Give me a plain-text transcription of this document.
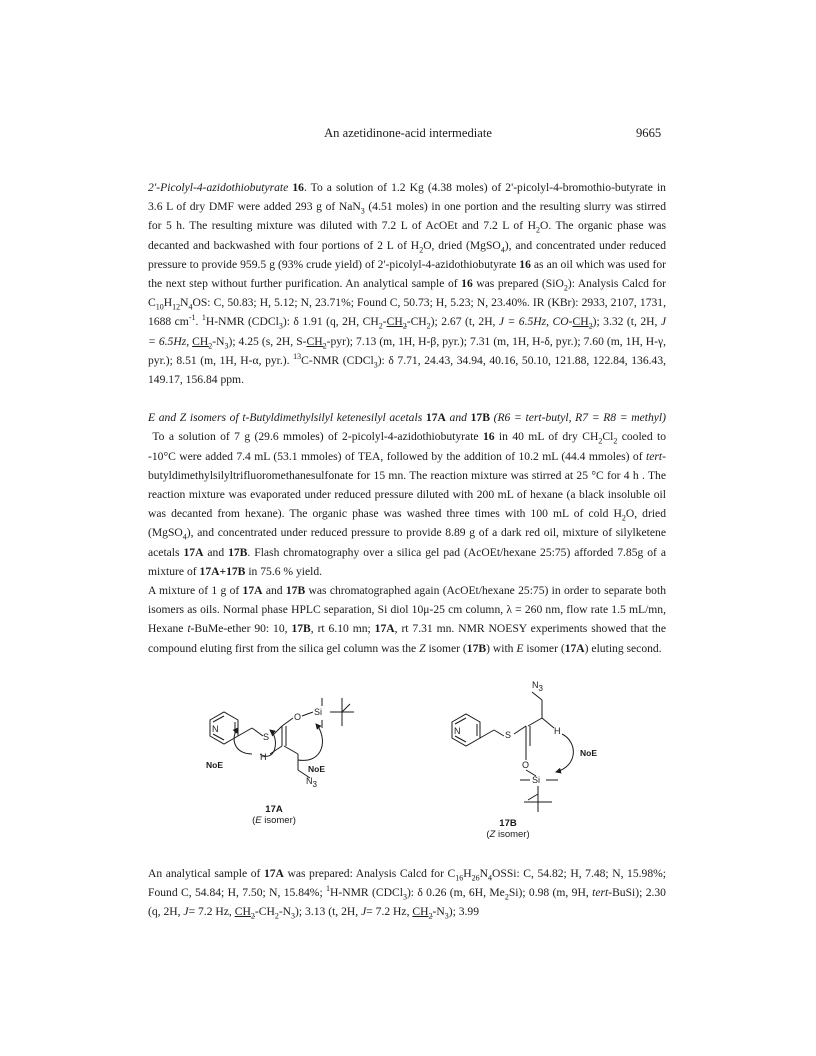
An azetidinone-acid intermediate	9665

2'-Picolyl-4-azidothiobutyrate 16. To a solution of 1.2 Kg (4.38 moles) of 2'-picolyl-4-bromothio-butyrate in 3.6 L of dry DMF were added 293 g of NaN$_3$ (4.51 moles) in one portion and the resulting slurry was stirred for 5 h. The resulting mixture was diluted with 7.2 L of AcOEt and 7.2 L of $H_2O$. The organic phase was decanted and backwashed with four portions of 2 L of $H_2O$, dried (MgSO$_4$), and concentrated under reduced pressure to provide 959.5 g (93% crude yield) of 2'-picolyl-4-azidothiobutyrate 16 as an oil which was used for the next step without further purification. An analytical sample of 16 was prepared (SiO$_2$): Analysis Calcd for $C_{10}H_{12}N_4OS$: C, 50.83; H, 5.12; N, 23.71%; Found C, 50.73; H, 5.23; N, 23.40%. IR (KBr): 2933, 2107, 1731, 1688 $cm^{-1}$. $^1$H-NMR (CDCl$_3$): δ 1.91 (q, 2H, $CH_2-CH_2-CH_2$); 2.67 (t, 2H, J = 6.5Hz, $CO-CH_2$); 3.32 (t, 2H, J = 6.5Hz, $CH_2-N_3$); 4.25 (s, 2H, $S-CH_2-pyr$); 7.13 (m, 1H, H-β, pyr.); 7.31 (m, 1H, H-δ, pyr.); 7.60 (m, 1H, H-γ, pyr.); 8.51 (m, 1H, H-α, pyr.). $^{13}$C-NMR (CDCl$_3$): δ 7.71, 24.43, 34.94, 40.16, 50.10, 121.88, 122.84, 136.43, 149.17, 156.84 ppm.

E and Z isomers of t-Butyldimethylsilyl ketenesilyl acetals 17A and 17B (R6 = tert-butyl, R7 = R8 = methyl)  To a solution of 7 g (29.6 mmoles) of 2-picolyl-4-azidothiobutyrate 16 in 40 mL of dry $CH_2Cl_2$ cooled to -10°C were added 7.4 mL (53.1 mmoles) of TEA, followed by the addition of 10.2 mL (44.4 mmoles) of tert-butyldimethylsilyltrifluoromethanesulfonate for 15 mn. The reaction mixture was stirred at 25 °C for 4 h . The reaction mixture was evaporated under reduced pressure diluted with 200 mL of hexane (a black insoluble oil was decanted from hexane). The organic phase was washed three times with 100 mL of cold $H_2O$, dried (MgSO$_4$), and concentrated under reduced pressure to provide 8.89 g of a dark red oil, mixture of silylketene acetals 17A and 17B. Flash chromatography over a silica gel pad (AcOEt/hexane 25:75) afforded 7.85g of a mixture of 17A+17B in 75.6 % yield.

A mixture of 1 g of 17A and 17B was chromatographed again (AcOEt/hexane 25:75) in order to separate both isomers as oils. Normal phase HPLC separation, Si diol 10μ-25 cm column, λ = 260 nm, flow rate 1.5 mL/mn, Hexane t-BuMe-ether 90: 10, 17B, rt 6.10 mn; 17A, rt 7.31 mn. NMR NOESY experiments showed that the compound eluting first from the silica gel column was the Z isomer (17B) with E isomer (17A) eluting second.

N
S
O Si
H
$N_3$
NoE	NoE
17A
(E isomer)
$N_3$
N	S	H
O
Si
NoE
17B
(Z isomer)

An analytical sample of 17A was prepared: Analysis Calcd for $C_{16}H_{26}N_4OSSi$: C, 54.82; H, 7.48; N, 15.98%; Found C, 54.84; H, 7.50; N, 15.84%; $^1$H-NMR (CDCl$_3$): δ 0.26 (m, 6H, $Me_2Si$); 0.98 (m, 9H, tert-BuSi); 2.30 (q, 2H, J= 7.2 Hz, $CH_2-CH_2-N_3$); 3.13 (t, 2H, J= 7.2 Hz, $CH_2-N_3$); 3.99
